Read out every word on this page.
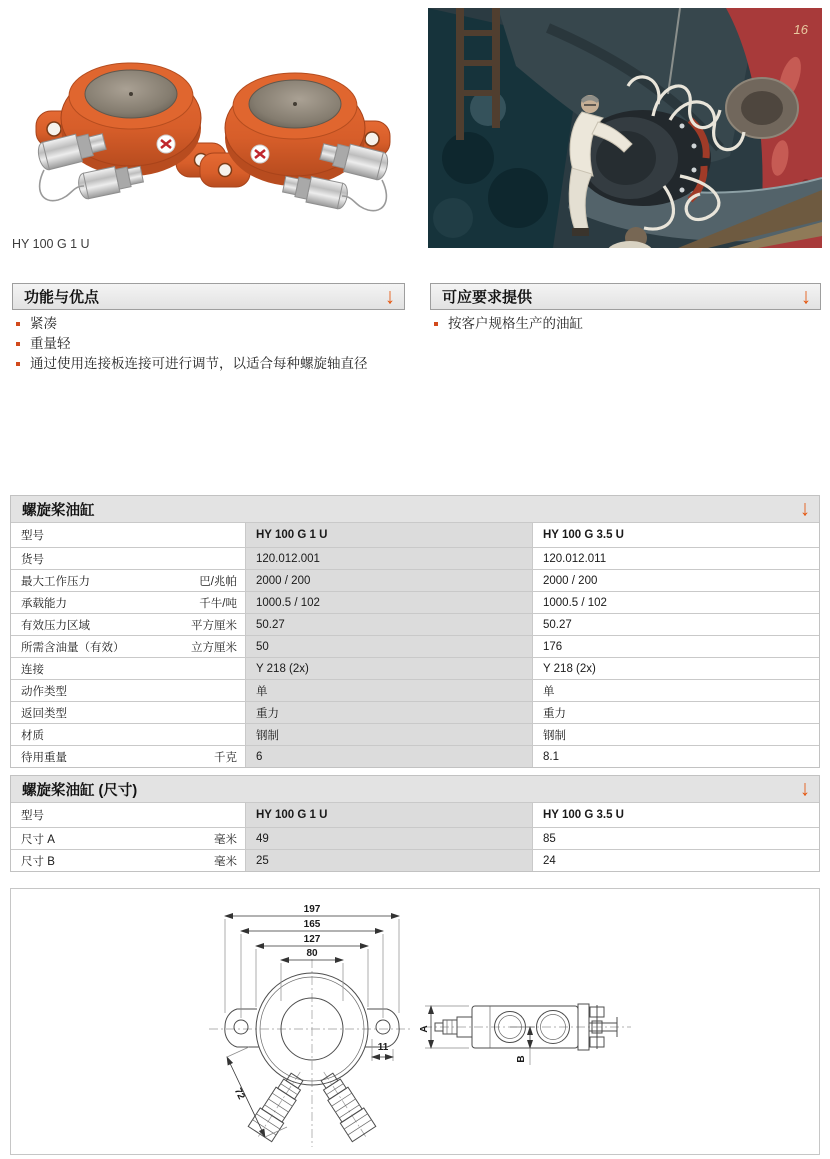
16
HY 100 G 1 U
功能与优点	↓
紧凑
重量轻
通过使用连接板连接可进行调节，以适合每种螺旋轴直径
可应要求提供	↓
按客户规格生产的油缸
螺旋桨油缸	↓
型号	HY 100 G 1 U	HY 100 G 3.5 U
货号	120.012.001	120.012.011
最大工作压力	巴/兆帕	2000 / 200	2000 / 200
承载能力	千牛/吨	1000.5 / 102	1000.5 / 102
有效压力区域	平方厘米	50.27	50.27
所需含油量（有效）	立方厘米	50	176
连接	Y 218 (2x)	Y 218 (2x)
动作类型	单	单
返回类型	重力	重力
材质	钢制	钢制
待用重量	千克	6	8.1
螺旋桨油缸 (尺寸)	↓
型号	HY 100 G 1 U	HY 100 G 3.5 U
尺寸 A	毫米	49	85
尺寸 B	毫米	25	24
197
165
127
80
11
72
A
B
